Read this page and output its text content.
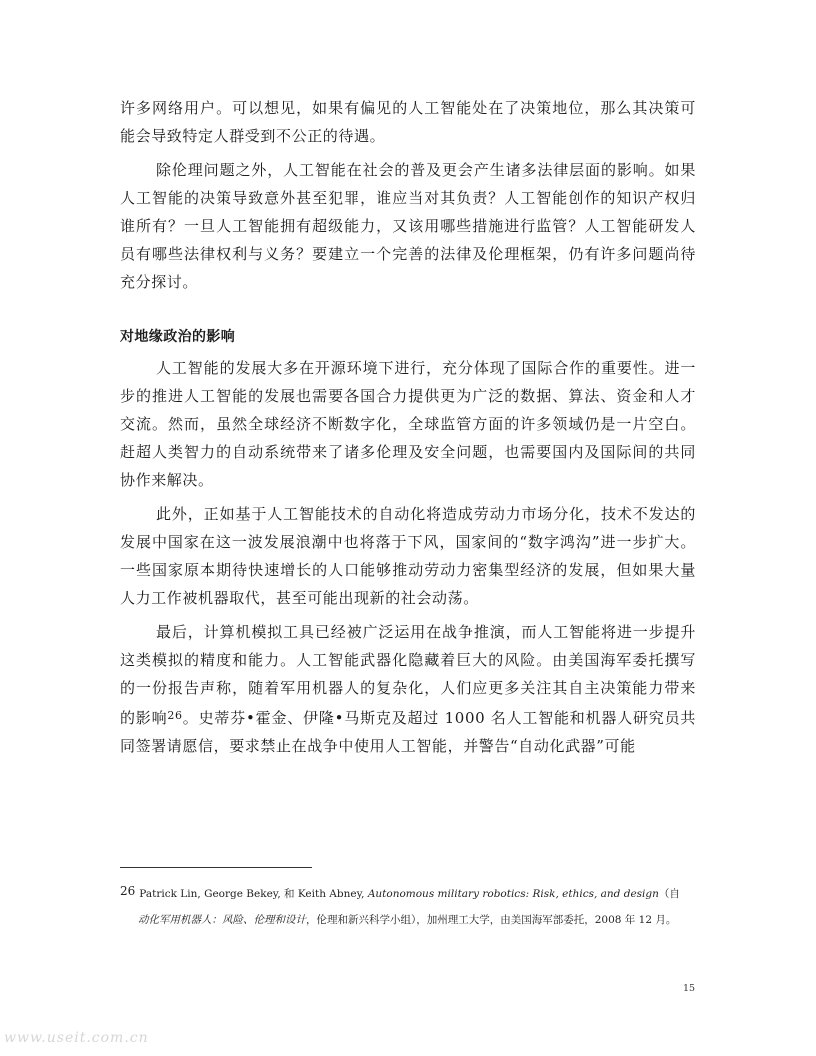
许多网络用户。可以想见，如果有偏见的人工智能处在了决策地位，那么其决策可能会导致特定人群受到不公正的待遇。

除伦理问题之外，人工智能在社会的普及更会产生诸多法律层面的影响。如果人工智能的决策导致意外甚至犯罪，谁应当对其负责？人工智能创作的知识产权归谁所有？一旦人工智能拥有超级能力，又该用哪些措施进行监管？人工智能研发人员有哪些法律权利与义务？要建立一个完善的法律及伦理框架，仍有许多问题尚待充分探讨。

对地缘政治的影响

人工智能的发展大多在开源环境下进行，充分体现了国际合作的重要性。进一步的推进人工智能的发展也需要各国合力提供更为广泛的数据、算法、资金和人才交流。然而，虽然全球经济不断数字化，全球监管方面的许多领域仍是一片空白。赶超人类智力的自动系统带来了诸多伦理及安全问题，也需要国内及国际间的共同协作来解决。

此外，正如基于人工智能技术的自动化将造成劳动力市场分化，技术不发达的发展中国家在这一波发展浪潮中也将落于下风，国家间的“数字鸿沟”进一步扩大。一些国家原本期待快速增长的人口能够推动劳动力密集型经济的发展，但如果大量人力工作被机器取代，甚至可能出现新的社会动荡。

最后，计算机模拟工具已经被广泛运用在战争推演，而人工智能将进一步提升这类模拟的精度和能力。人工智能武器化隐藏着巨大的风险。由美国海军委托撰写的一份报告声称，随着军用机器人的复杂化，人们应更多关注其自主决策能力带来的影响$^{26}$。史蒂芬•霍金、伊隆•马斯克及超过 1000 名人工智能和机器人研究员共同签署请愿信，要求禁止在战争中使用人工智能，并警告“自动化武器”可能

26 Patrick Lin, George Bekey, 和 Keith Abney, Autonomous military robotics: Risk, ethics, and design（自
动化军用机器人：风险、伦理和设计，伦理和新兴科学小组），加州理工大学，由美国海军部委托，2008 年 12 月。
15
www.useit.com.cn
